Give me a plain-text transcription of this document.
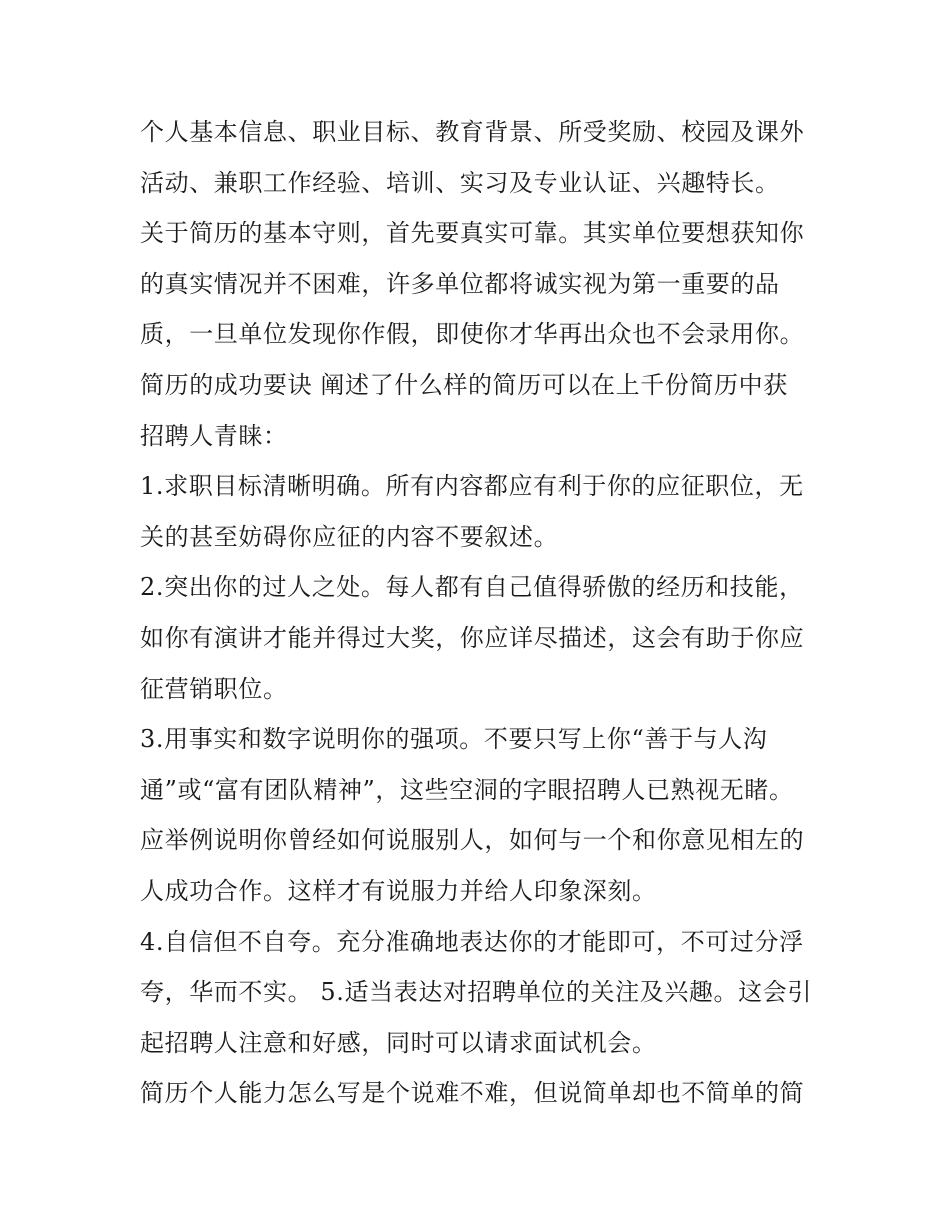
个人基本信息、职业目标、教育背景、所受奖励、校园及课外
活动、兼职工作经验、培训、实习及专业认证、兴趣特长。
关于简历的基本守则，首先要真实可靠。其实单位要想获知你
的真实情况并不困难，许多单位都将诚实视为第一重要的品
质，一旦单位发现你作假，即使你才华再出众也不会录用你。
简历的成功要诀 阐述了什么样的简历可以在上千份简历中获
招聘人青睐：
1.求职目标清晰明确。所有内容都应有利于你的应征职位，无
关的甚至妨碍你应征的内容不要叙述。
2.突出你的过人之处。每人都有自己值得骄傲的经历和技能，
如你有演讲才能并得过大奖，你应详尽描述，这会有助于你应
征营销职位。
3.用事实和数字说明你的强项。不要只写上你“善于与人沟
通”或“富有团队精神”，这些空洞的字眼招聘人已熟视无睹。
应举例说明你曾经如何说服别人，如何与一个和你意见相左的
人成功合作。这样才有说服力并给人印象深刻。
4.自信但不自夸。充分准确地表达你的才能即可，不可过分浮
夸，华而不实。 5.适当表达对招聘单位的关注及兴趣。这会引
起招聘人注意和好感，同时可以请求面试机会。
简历个人能力怎么写是个说难不难，但说简单却也不简单的简
